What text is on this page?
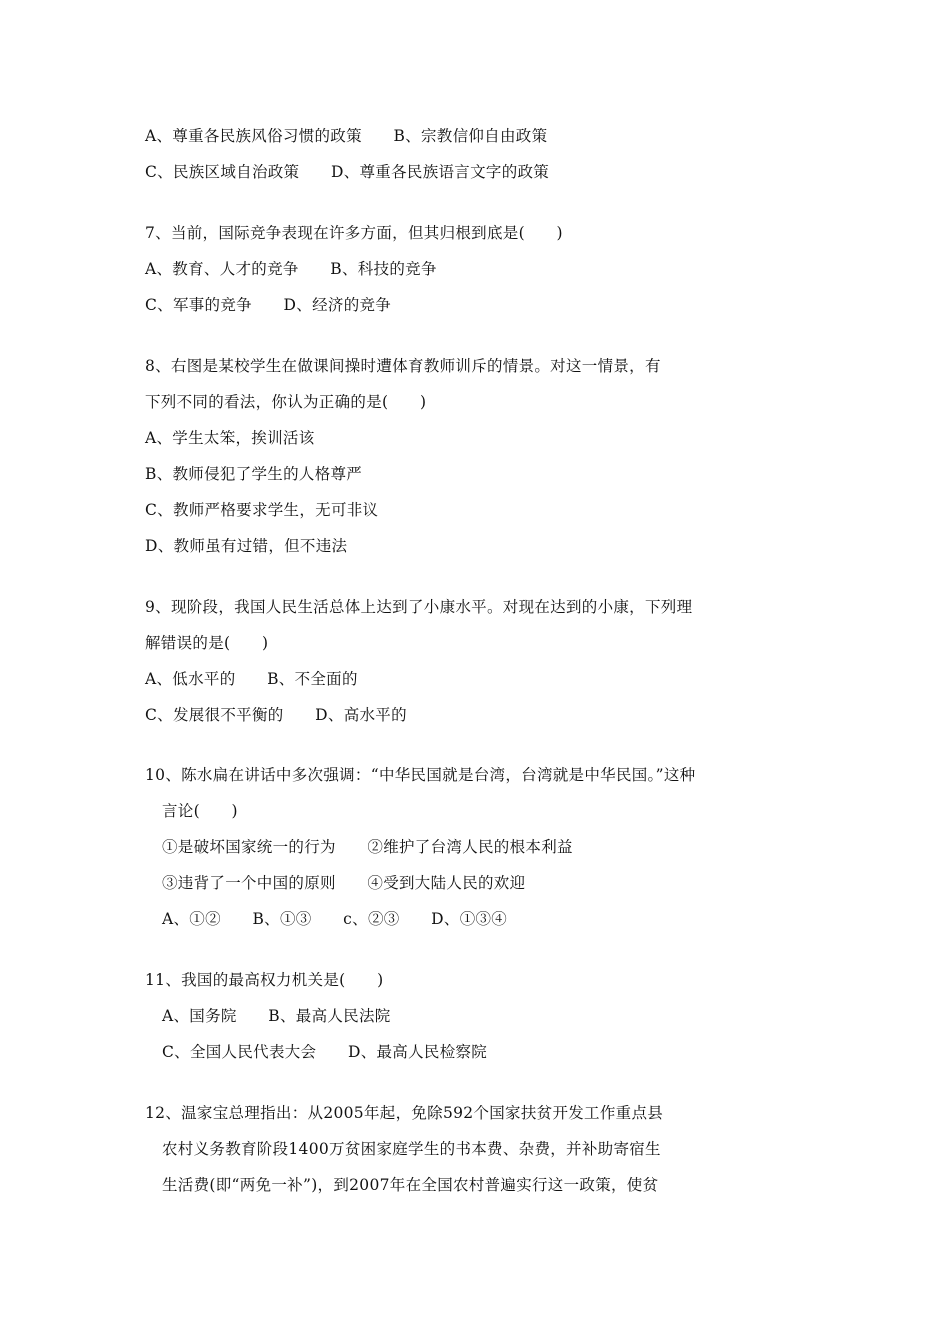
A、尊重各民族风俗习惯的政策　　B、宗教信仰自由政策
C、民族区域自治政策　　D、尊重各民族语言文字的政策
7、当前，国际竞争表现在许多方面，但其归根到底是(　　)
A、教育、人才的竞争　　B、科技的竞争
C、军事的竞争　　D、经济的竞争
8、右图是某校学生在做课间操时遭体育教师训斥的情景。对这一情景，有
下列不同的看法，你认为正确的是(　　)
A、学生太笨，挨训活该
B、教师侵犯了学生的人格尊严
C、教师严格要求学生，无可非议
D、教师虽有过错，但不违法
9、现阶段，我国人民生活总体上达到了小康水平。对现在达到的小康，下列理
解错误的是(　　)
A、低水平的　　B、不全面的
C、发展很不平衡的　　D、高水平的
10、陈水扁在讲话中多次强调：“中华民国就是台湾，台湾就是中华民国。”这种
言论(　　)
①是破坏国家统一的行为　　②维护了台湾人民的根本利益
③违背了一个中国的原则　　④受到大陆人民的欢迎
A、①②　　B、①③　　c、②③　　D、①③④
11、我国的最高权力机关是(　　)
A、国务院　　B、最高人民法院
C、全国人民代表大会　　D、最高人民检察院
12、温家宝总理指出：从2005年起，免除592个国家扶贫开发工作重点县
农村义务教育阶段1400万贫困家庭学生的书本费、杂费，并补助寄宿生
生活费(即“两免一补”)，到2007年在全国农村普遍实行这一政策，使贫
